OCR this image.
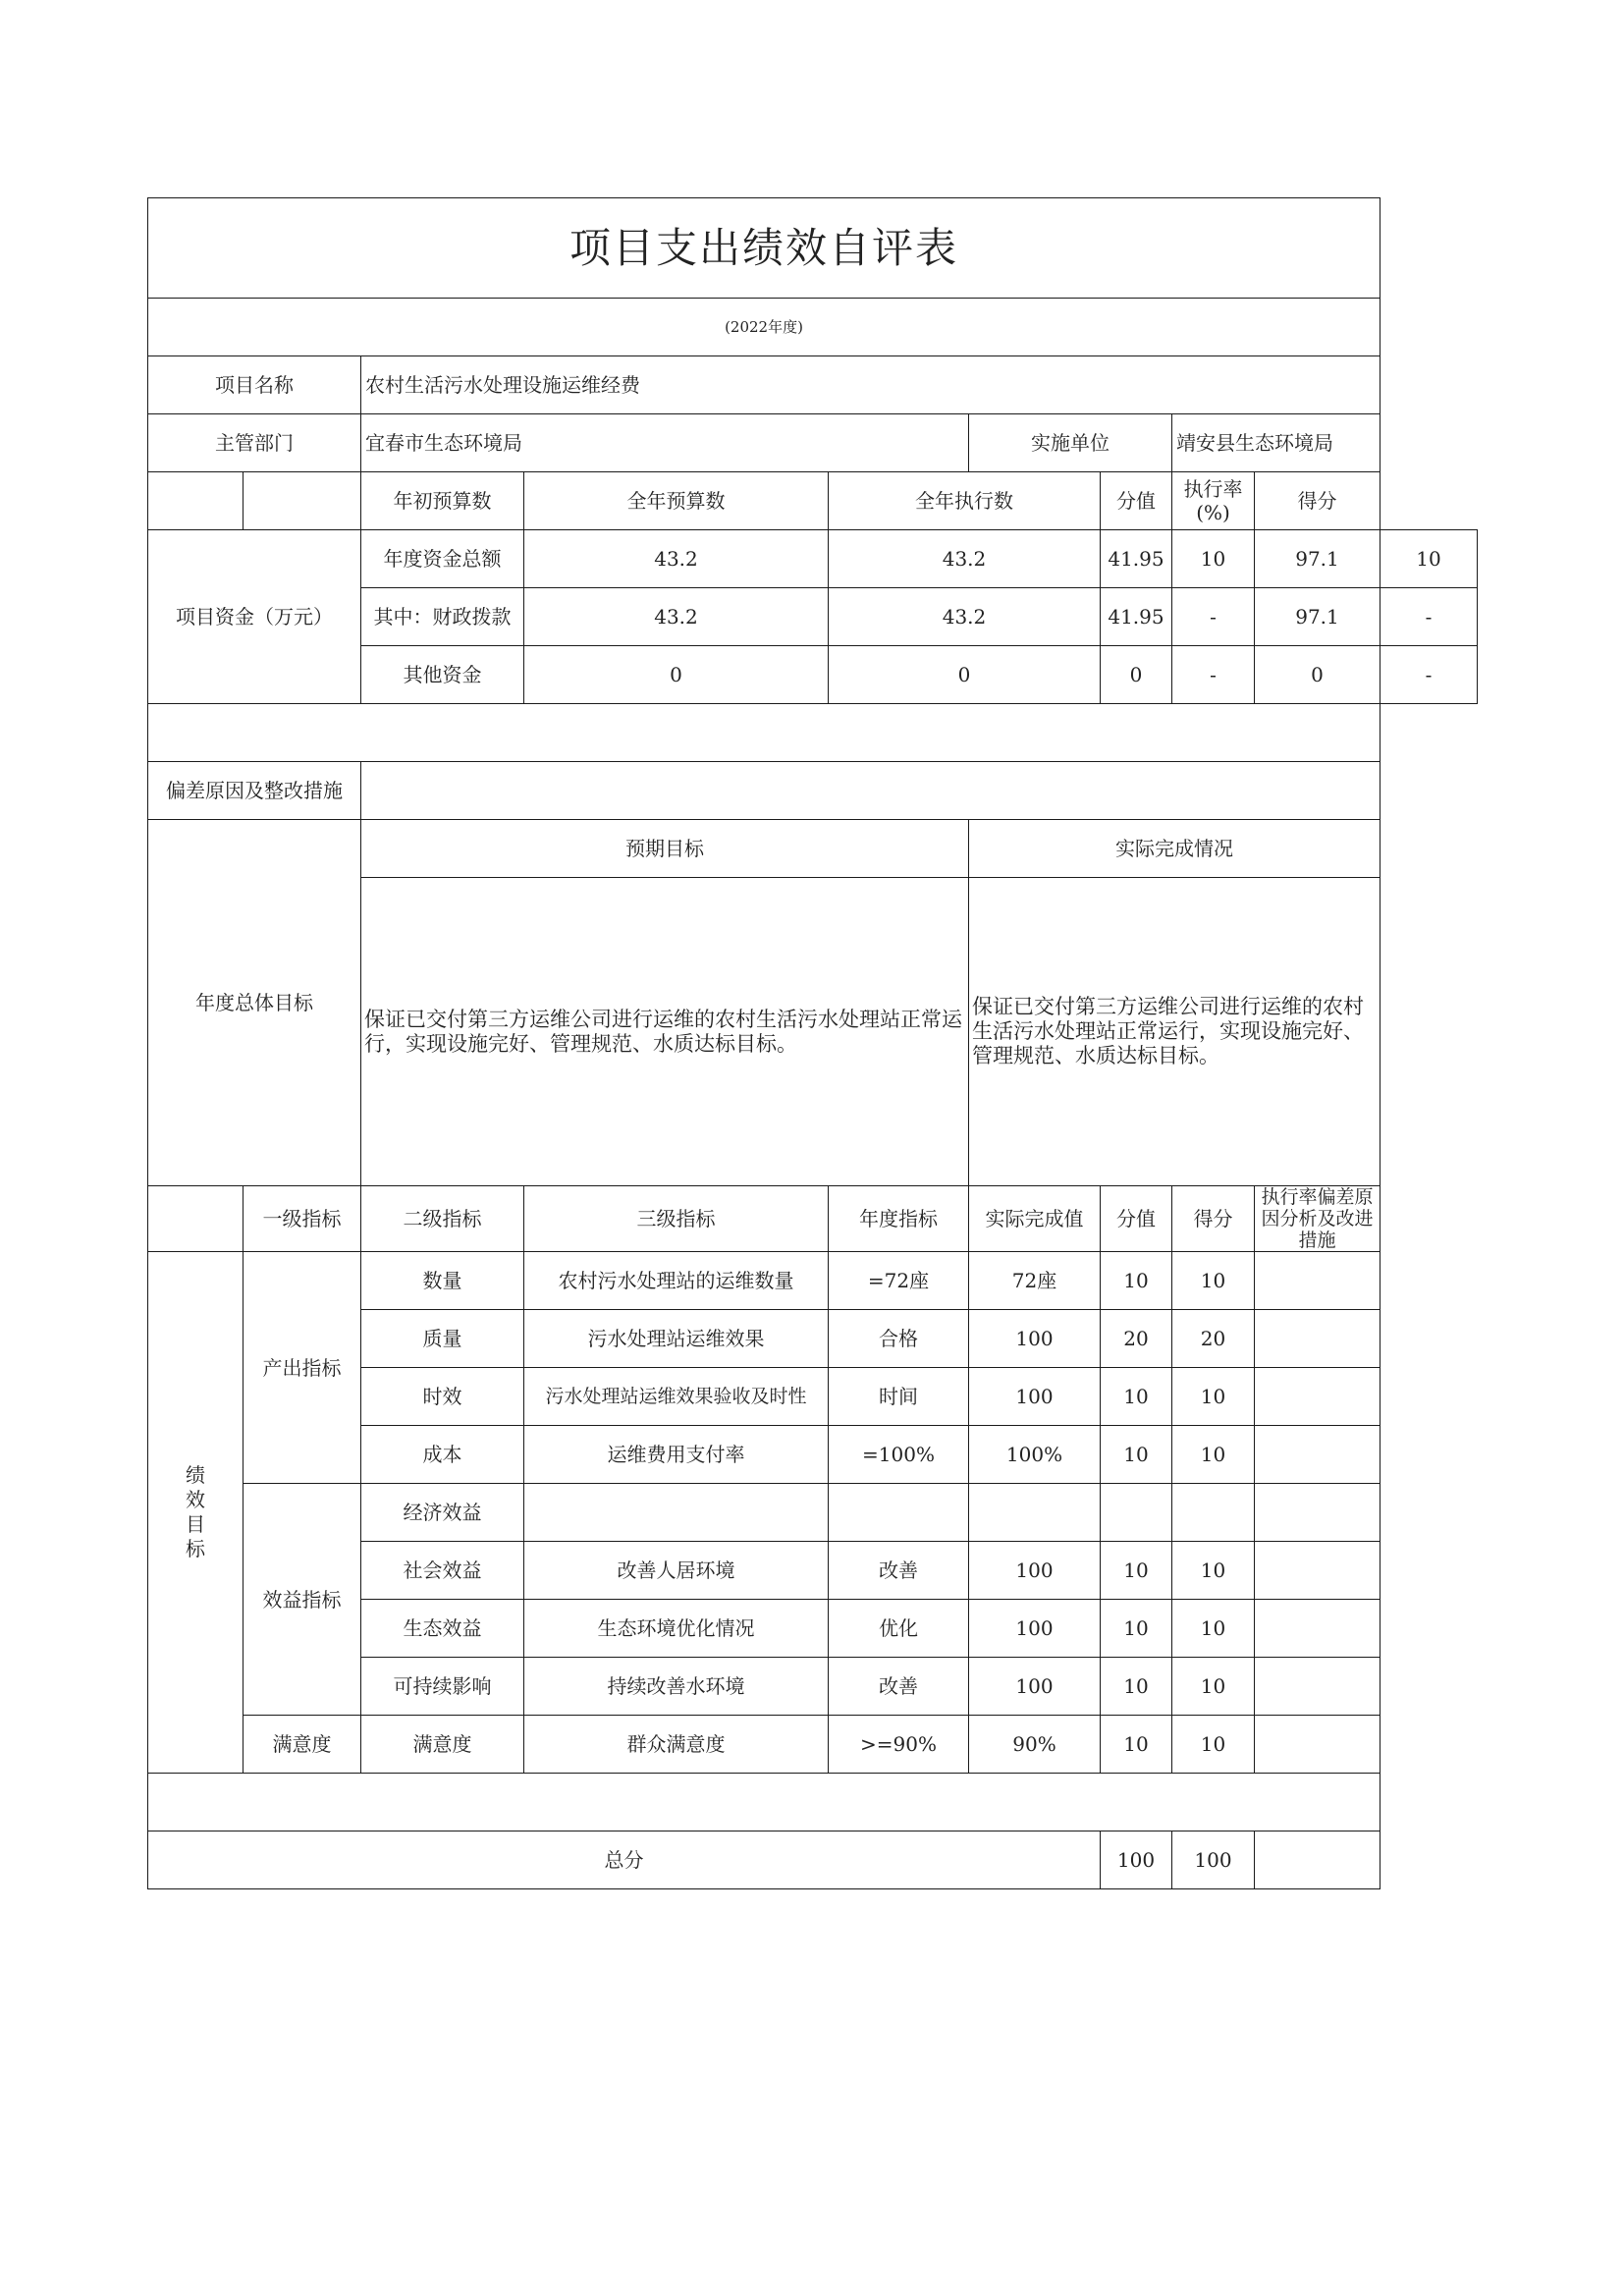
项目支出绩效自评表									
(2022年度)									
项目名称		农村生活污水处理设施运维经费							
主管部门		宜春市生态环境局			实施单位		靖安县生态环境局		
		年初预算数	全年预算数	全年执行数		分值	执行率(%)	得分	
项目资金（万元）		年度资金总额	43.2	43.2		41.95	10	97.1	10
		其中：财政拨款	43.2	43.2		41.95	-	97.1	-
		其他资金	0	0		0	-	0	-

偏差原因及整改措施									
年度总体目标		预期目标			实际完成情况				
		保证已交付第三方运维公司进行运维的农村生活污水处理站正常运行，实现设施完好、管理规范、水质达标目标。			保证已交付第三方运维公司进行运维的农村生活污水处理站正常运行，实现设施完好、管理规范、水质达标目标。				
	一级指标	二级指标	三级指标	年度指标	实际完成值	分值	得分	执行率偏差原因分析及改进措施	

绩
效
目
标	产出指标	数量	农村污水处理站的运维数量	=72座	72座	10	10		
		质量	污水处理站运维效果	合格	100	20	20		
		时效	污水处理站运维效果验收及时性	时间	100	10	10		
		成本	运维费用支付率	=100%	100%	10	10		
	效益指标	经济效益							
		社会效益	改善人居环境	改善	100	10	10		
		生态效益	生态环境优化情况	优化	100	10	10		
		可持续影响	持续改善水环境	改善	100	10	10		
	满意度	满意度	群众满意度	>=90%	90%	10	10		

总分						100	100		
